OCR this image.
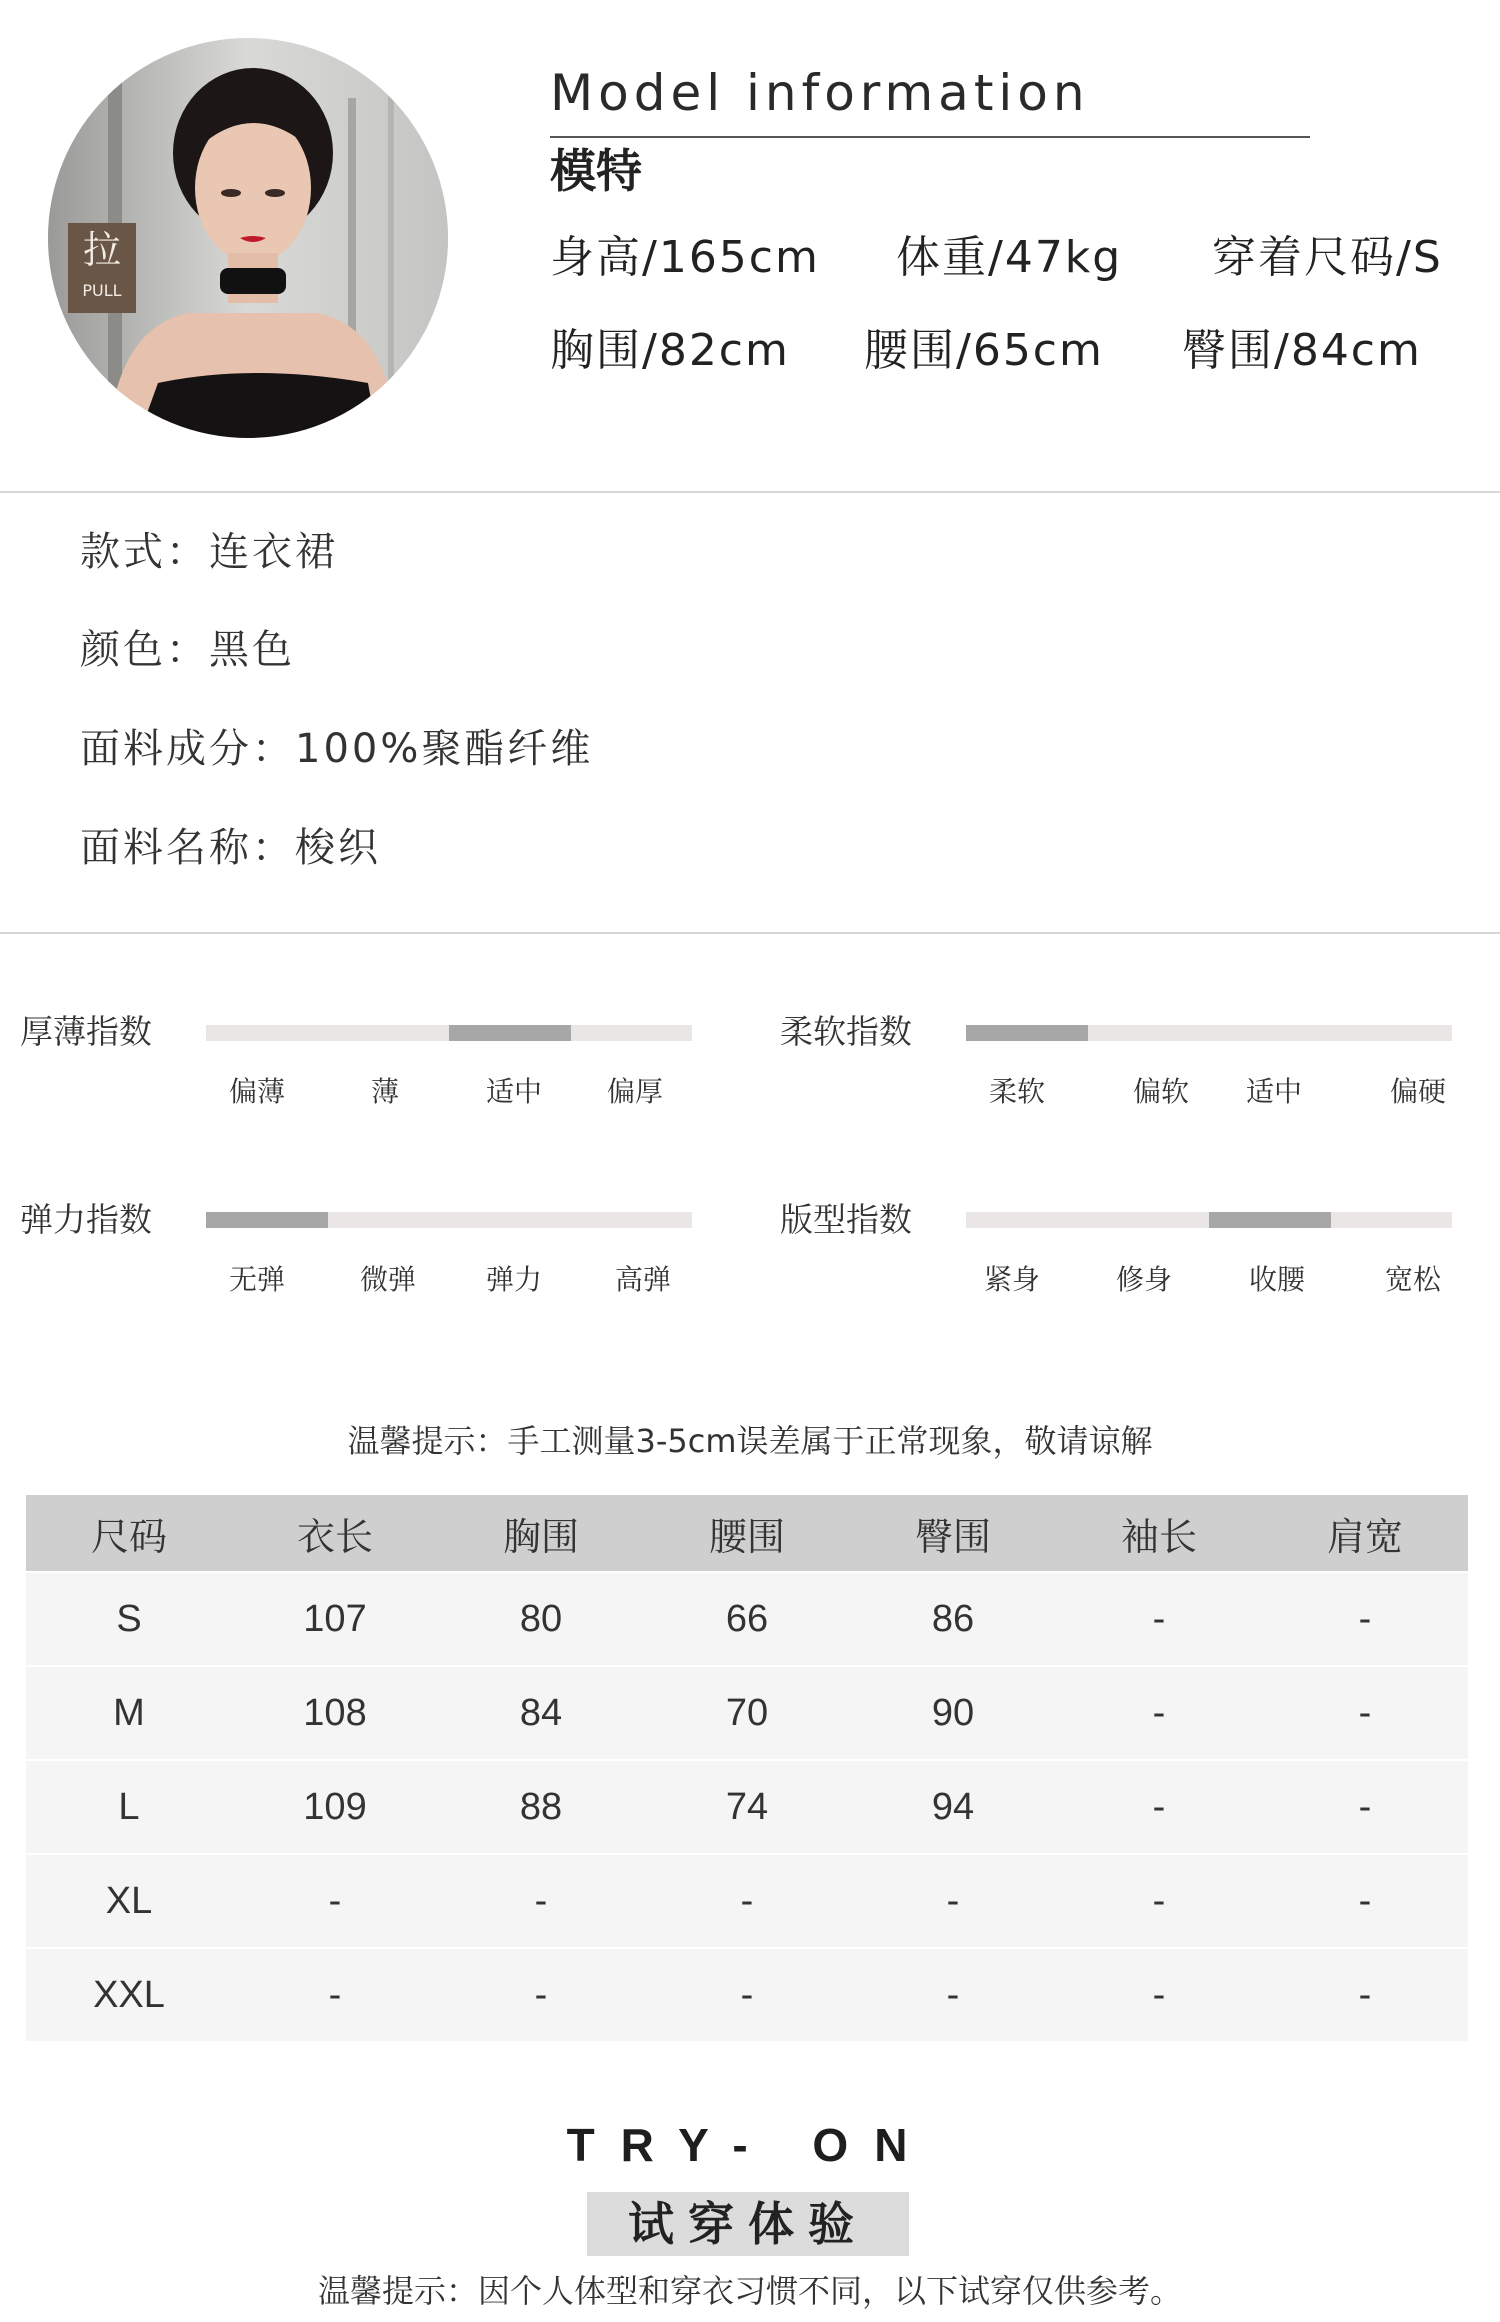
拉
PULL
Model information
模特
身高/165cm 体重/47kg 穿着尺码/S
胸围/82cm 腰围/65cm 臀围/84cm
款式：连衣裙
颜色：黑色
面料成分：100%聚酯纤维
面料名称：梭织
厚薄指数
偏薄	薄	适中 偏厚
柔软指数
柔软	偏软 适中	偏硬
弹力指数
无弹	微弹 弹力	高弹
版型指数
紧身	修身	收腰	宽松
温馨提示：手工测量3-5cm误差属于正常现象，敬请谅解
尺码	衣长	胸围	腰围	臀围	袖长	肩宽
S	107	80	66	86	-	-
M	108	84	70	90	-	-
L	109	88	74	94	-	-
XL	-	-	-	-	-	-
XXL	-	-	-	-	-	-
TRY- ON
试穿体验
温馨提示：因个人体型和穿衣习惯不同，以下试穿仅供参考。
